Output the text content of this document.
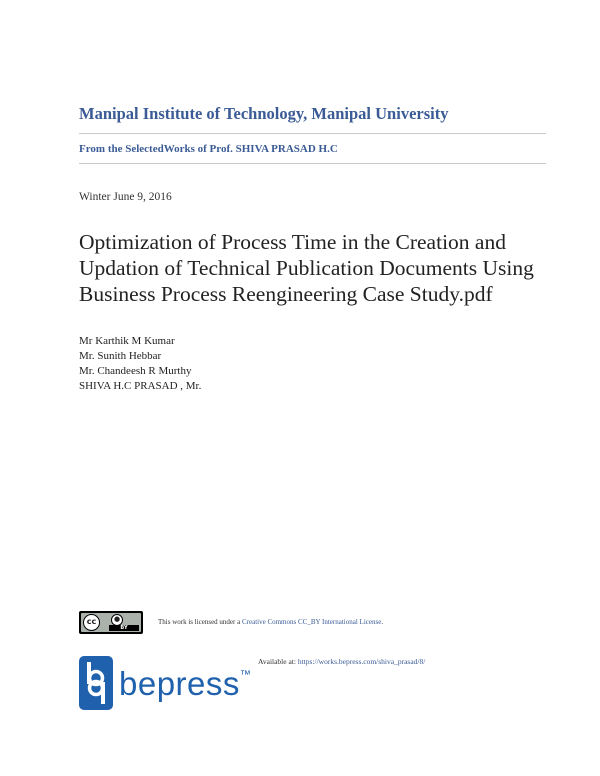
Manipal Institute of Technology, Manipal University
From the SelectedWorks of Prof. SHIVA PRASAD H.C
Winter June 9, 2016
Optimization of Process Time in the Creation and Updation of Technical Publication Documents Using Business Process Reengineering Case Study.pdf
Mr Karthik M Kumar
Mr. Sunith Hebbar
Mr. Chandeesh R Murthy
SHIVA H.C PRASAD , Mr.
cc	●
BY
This work is licensed under a Creative Commons CC_BY International License.
Available at: https://works.bepress.com/shiva_prasad/8/
bepress™
